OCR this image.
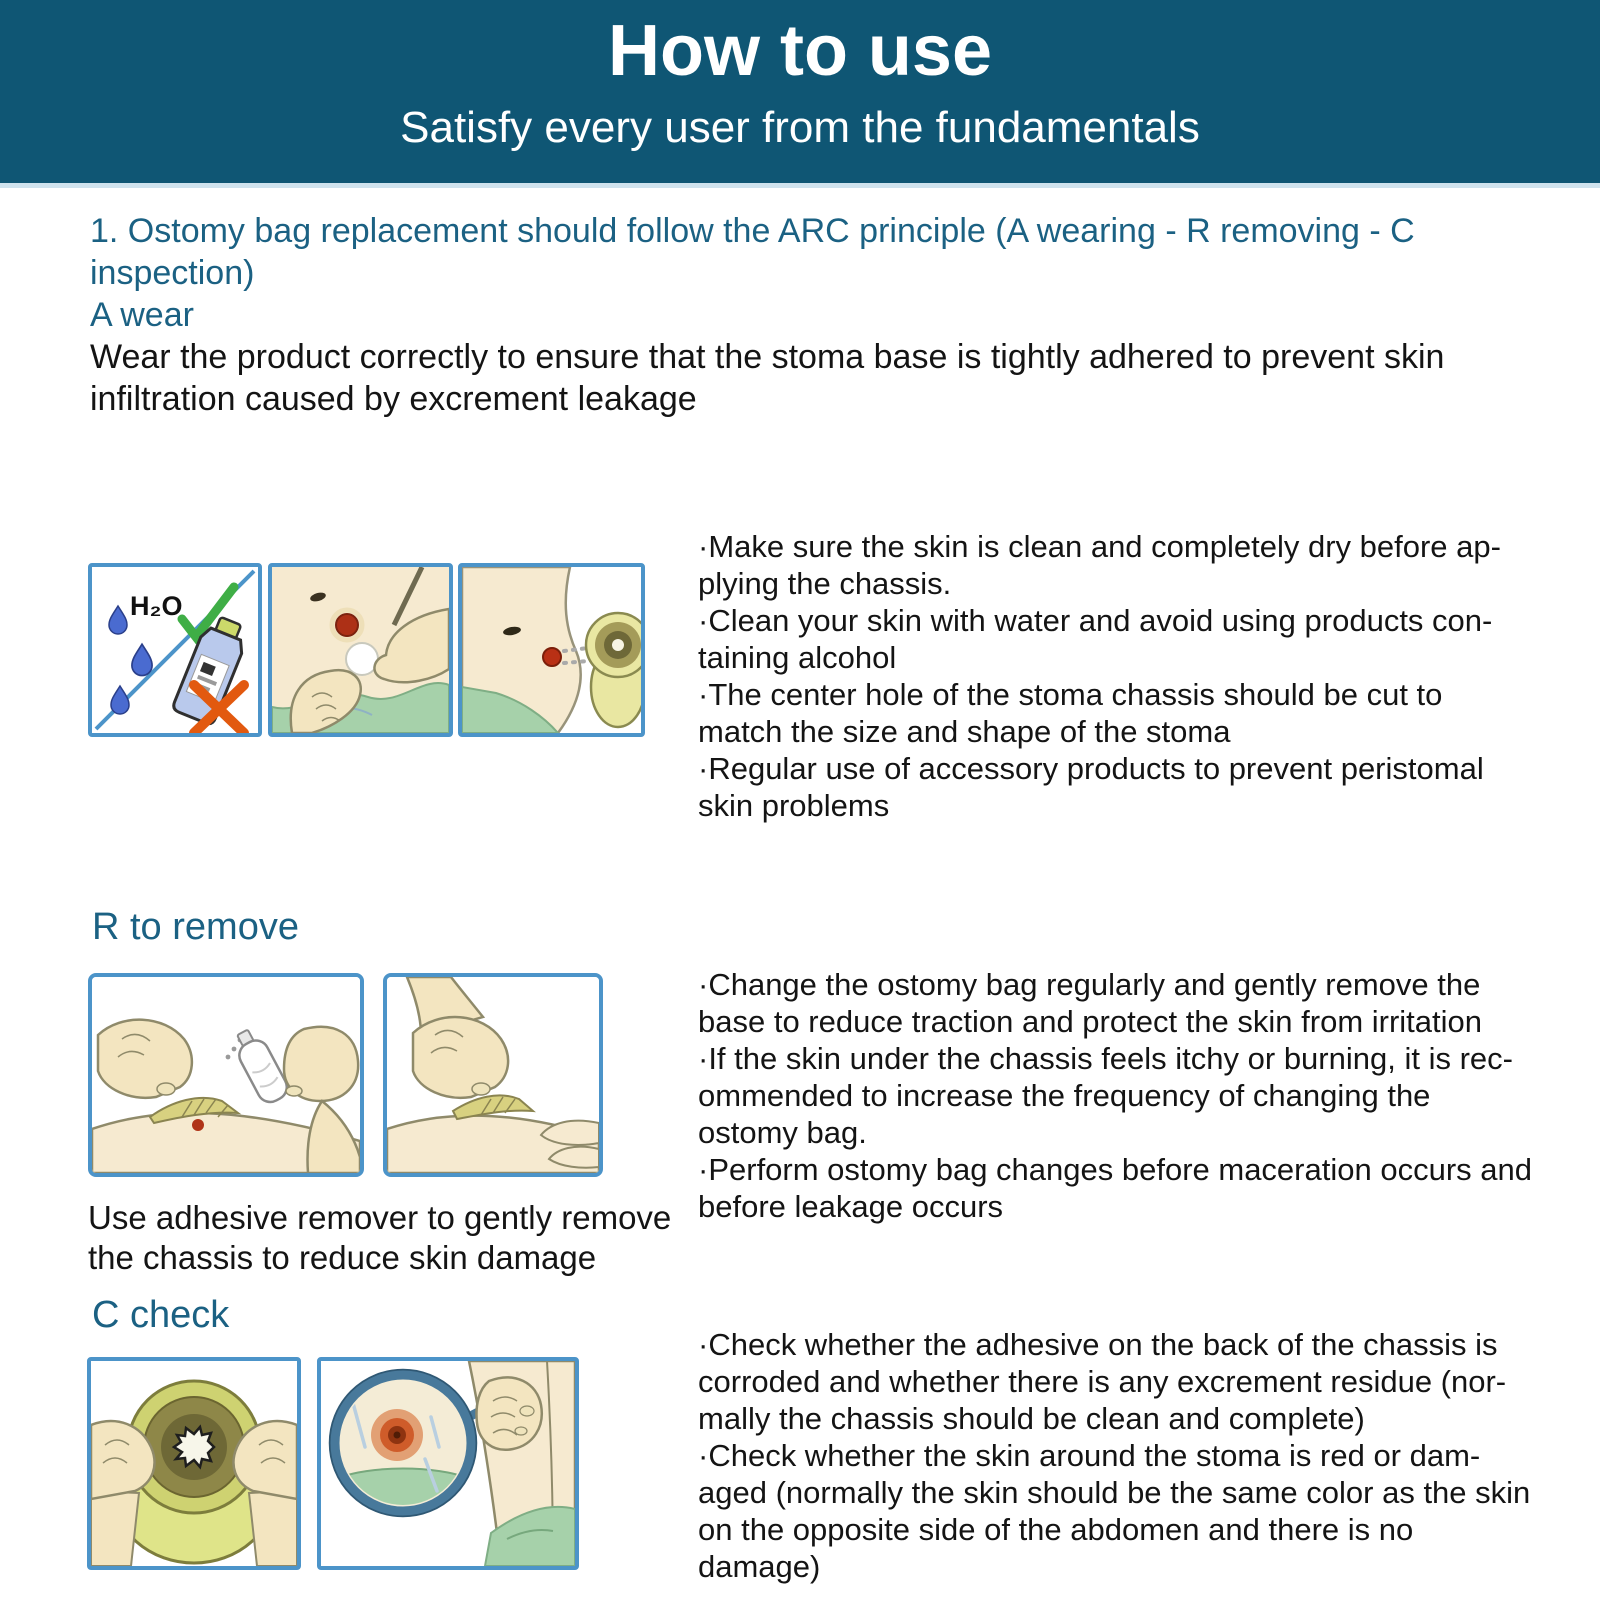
How to use
Satisfy every user from the fundamentals
1. Ostomy bag replacement should follow the ARC principle (A wearing - R removing - C
inspection)
A wear
Wear the product correctly to ensure that the stoma base is tightly adhered to prevent skin
infiltration caused by excrement leakage
H₂O
·Make sure the skin is clean and completely dry before ap-
plying the chassis.
·Clean your skin with water and avoid using products con-
taining alcohol
·The center hole of the stoma chassis should be cut to
match the size and shape of the stoma
·Regular use of accessory products to prevent peristomal
skin problems
R to remove
·Change the ostomy bag regularly and gently remove the
base to reduce traction and protect the skin from irritation
·If the skin under the chassis feels itchy or burning, it is rec-
ommended to increase the frequency of changing the
ostomy bag.
·Perform ostomy bag changes before maceration occurs and
before leakage occurs
Use adhesive remover to gently remove
the chassis to reduce skin damage
C check
·Check whether the adhesive on the back of the chassis is
corroded and whether there is any excrement residue (nor-
mally the chassis should be clean and complete)
·Check whether the skin around the stoma is red or dam-
aged (normally the skin should be the same color as the skin
on the opposite side of the abdomen and there is no
damage)
